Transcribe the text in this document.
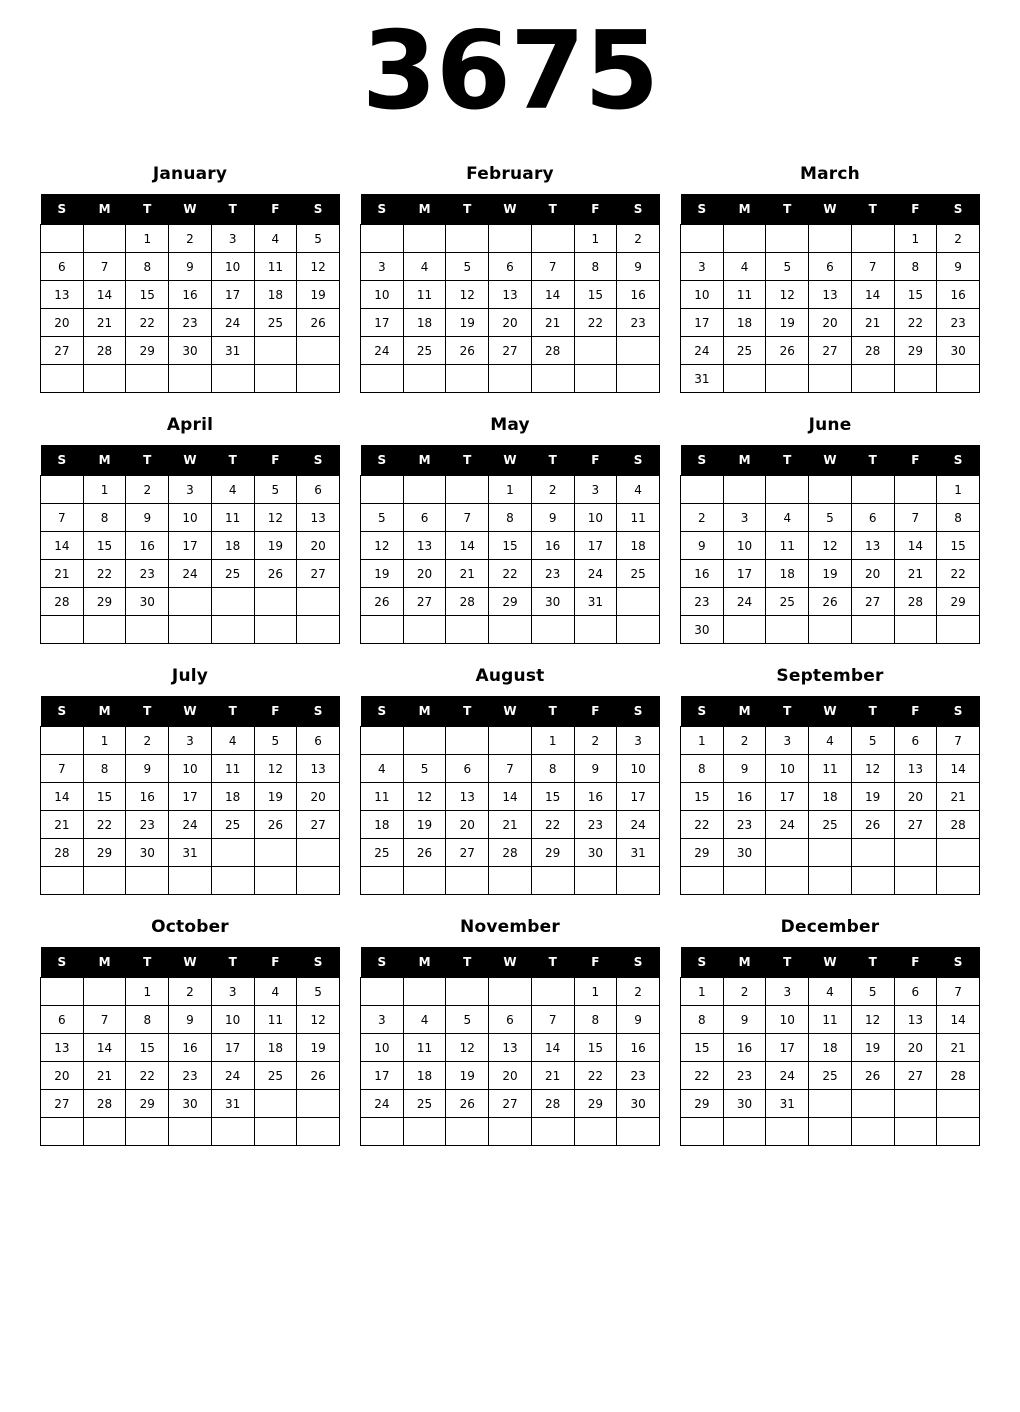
3675
January
S	M	T	W	T	F	S
		1	2	3	4	5
6	7	8	9	10	11	12
13	14	15	16	17	18	19
20	21	22	23	24	25	26
27	28	29	30	31		

February
S	M	T	W	T	F	S
					1	2
3	4	5	6	7	8	9
10	11	12	13	14	15	16
17	18	19	20	21	22	23
24	25	26	27	28		

March
S	M	T	W	T	F	S
					1	2
3	4	5	6	7	8	9
10	11	12	13	14	15	16
17	18	19	20	21	22	23
24	25	26	27	28	29	30
31						
April
S	M	T	W	T	F	S
	1	2	3	4	5	6
7	8	9	10	11	12	13
14	15	16	17	18	19	20
21	22	23	24	25	26	27
28	29	30				

May
S	M	T	W	T	F	S
			1	2	3	4
5	6	7	8	9	10	11
12	13	14	15	16	17	18
19	20	21	22	23	24	25
26	27	28	29	30	31	

June
S	M	T	W	T	F	S
						1
2	3	4	5	6	7	8
9	10	11	12	13	14	15
16	17	18	19	20	21	22
23	24	25	26	27	28	29
30						
July
S	M	T	W	T	F	S
	1	2	3	4	5	6
7	8	9	10	11	12	13
14	15	16	17	18	19	20
21	22	23	24	25	26	27
28	29	30	31			

August
S	M	T	W	T	F	S
				1	2	3
4	5	6	7	8	9	10
11	12	13	14	15	16	17
18	19	20	21	22	23	24
25	26	27	28	29	30	31

September
S	M	T	W	T	F	S
1	2	3	4	5	6	7
8	9	10	11	12	13	14
15	16	17	18	19	20	21
22	23	24	25	26	27	28
29	30					

October
S	M	T	W	T	F	S
		1	2	3	4	5
6	7	8	9	10	11	12
13	14	15	16	17	18	19
20	21	22	23	24	25	26
27	28	29	30	31		

November
S	M	T	W	T	F	S
					1	2
3	4	5	6	7	8	9
10	11	12	13	14	15	16
17	18	19	20	21	22	23
24	25	26	27	28	29	30

December
S	M	T	W	T	F	S
1	2	3	4	5	6	7
8	9	10	11	12	13	14
15	16	17	18	19	20	21
22	23	24	25	26	27	28
29	30	31				
